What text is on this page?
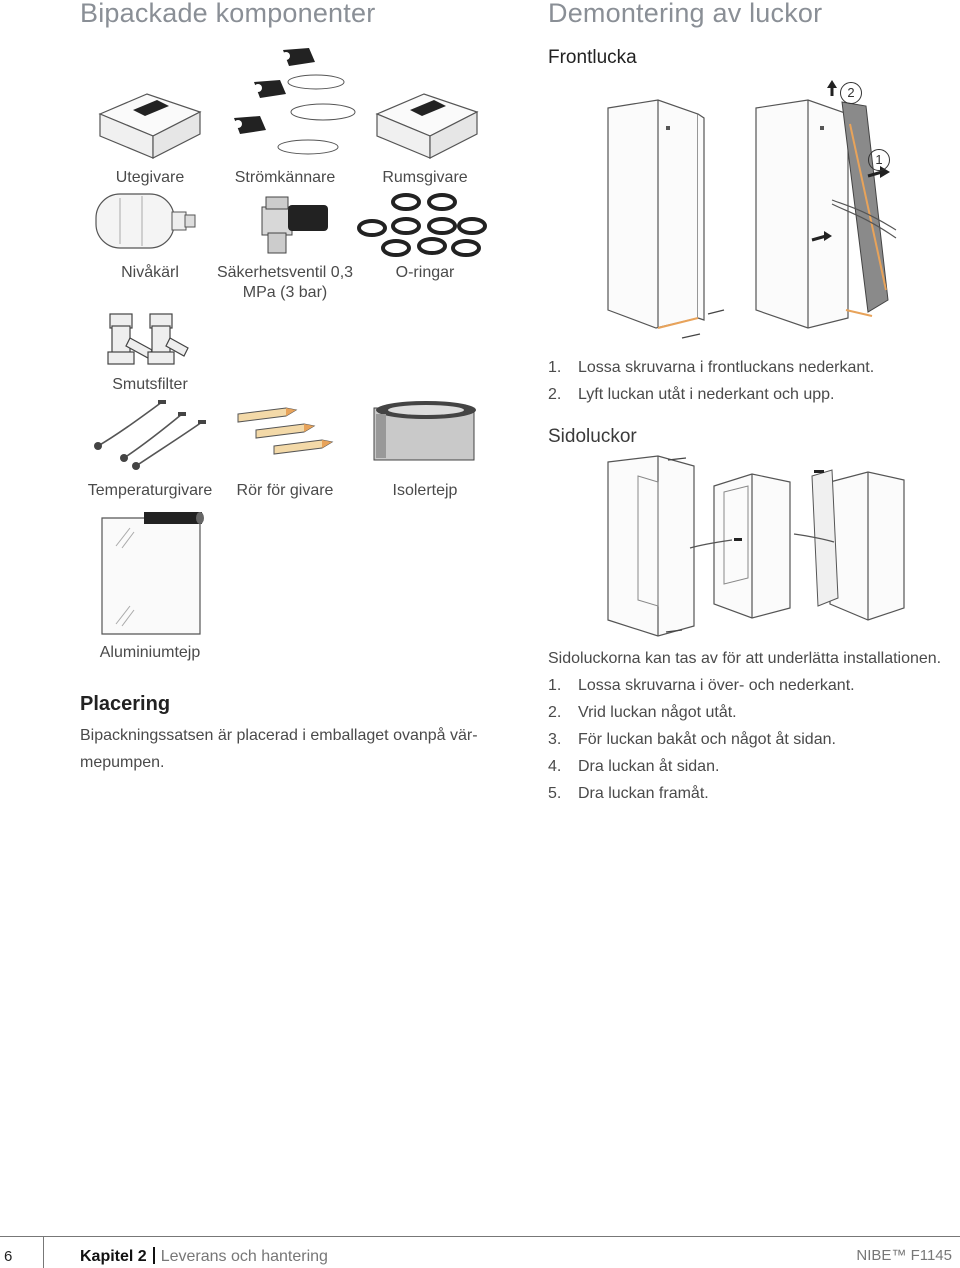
Bipackade komponenter
Utegivare	Strömkännare	Rumsgivare
Nivåkärl	Säkerhetsventil 0,3
MPa (3 bar)
O-ringar
Smutsfilter
Temperaturgivare	Rör för givare	Isolertejp
Aluminiumtejp
Placering
Bipackningssatsen är placerad i emballaget ovanpå vär-
mepumpen.
Demontering av luckor
Frontlucka
2
1
1. Lossa skruvarna i frontluckans nederkant.
2. Lyft luckan utåt i nederkant och upp.
Sidoluckor
Sidoluckorna kan tas av för att underlätta installationen.
1. Lossa skruvarna i över- och nederkant.
2. Vrid luckan något utåt.
3. För luckan bakåt och något åt sidan.
4. Dra luckan åt sidan.
5. Dra luckan framåt.
6	Kapitel 2 Leverans och hantering	NIBE™ F1145
